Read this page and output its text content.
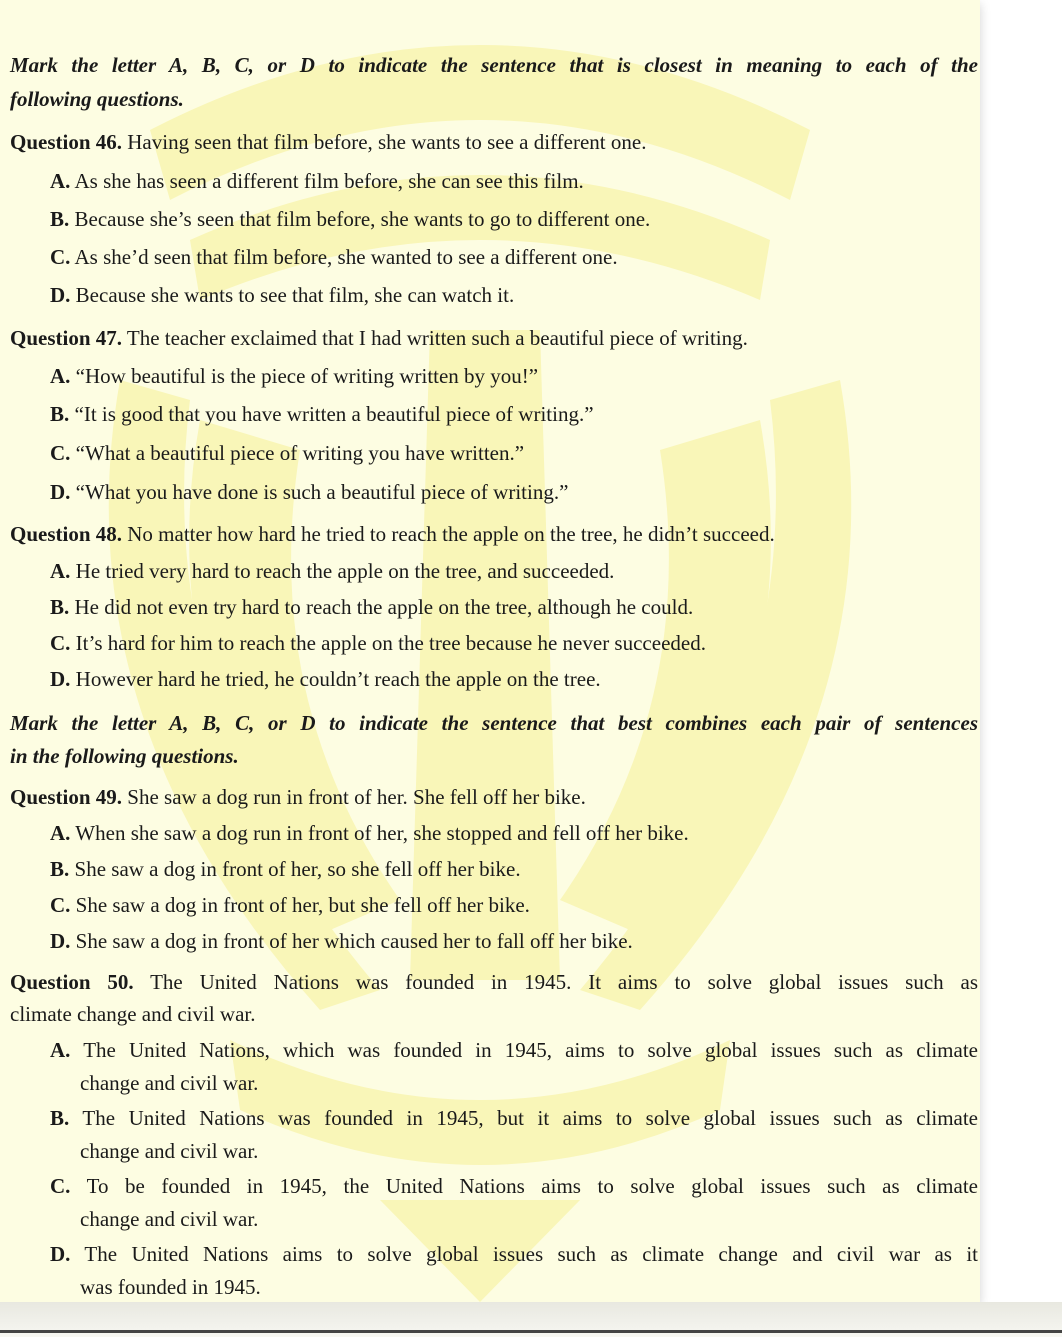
Mark the letter A, B, C, or D to indicate the sentence that is closest in meaning to each of the
following questions.
Question 46. Having seen that film before, she wants to see a different one.
A. As she has seen a different film before, she can see this film.
B. Because she’s seen that film before, she wants to go to different one.
C. As she’d seen that film before, she wanted to see a different one.
D. Because she wants to see that film, she can watch it.
Question 47. The teacher exclaimed that I had written such a beautiful piece of writing.
A. “How beautiful is the piece of writing written by you!”
B. “It is good that you have written a beautiful piece of writing.”
C. “What a beautiful piece of writing you have written.”
D. “What you have done is such a beautiful piece of writing.”
Question 48. No matter how hard he tried to reach the apple on the tree, he didn’t succeed.
A. He tried very hard to reach the apple on the tree, and succeeded.
B. He did not even try hard to reach the apple on the tree, although he could.
C. It’s hard for him to reach the apple on the tree because he never succeeded.
D. However hard he tried, he couldn’t reach the apple on the tree.
Mark the letter A, B, C, or D to indicate the sentence that best combines each pair of sentences
in the following questions.
Question 49. She saw a dog run in front of her. She fell off her bike.
A. When she saw a dog run in front of her, she stopped and fell off her bike.
B. She saw a dog in front of her, so she fell off her bike.
C. She saw a dog in front of her, but she fell off her bike.
D. She saw a dog in front of her which caused her to fall off her bike.
Question 50. The United Nations was founded in 1945. It aims to solve global issues such as
climate change and civil war.
A. The United Nations, which was founded in 1945, aims to solve global issues such as climate
change and civil war.
B. The United Nations was founded in 1945, but it aims to solve global issues such as climate
change and civil war.
C. To be founded in 1945, the United Nations aims to solve global issues such as climate
change and civil war.
D. The United Nations aims to solve global issues such as climate change and civil war as it
was founded in 1945.
